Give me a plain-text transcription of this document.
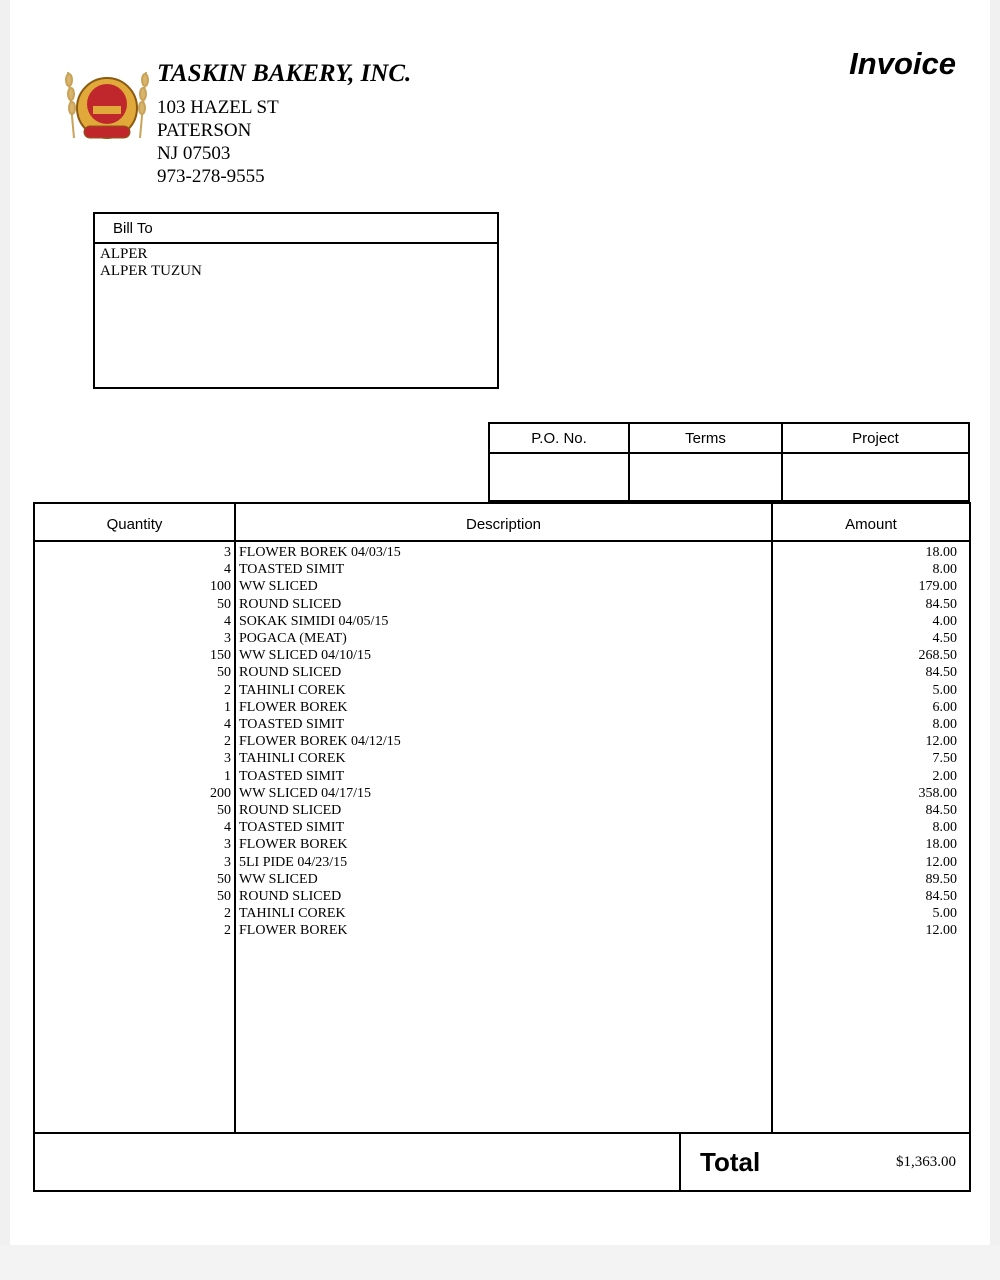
TASKIN BAKERY, INC.
103 HAZEL ST
PATERSON
NJ 07503
973-278-9555
Invoice
Bill To
ALPER
ALPER TUZUN
P.O. No.	Terms	Project
Quantity	Description	Amount
3 FLOWER BOREK 04/03/15	18.00
4 TOASTED SIMIT	8.00
100 WW SLICED	179.00
50 ROUND SLICED	84.50
4 SOKAK SIMIDI 04/05/15	4.00
3 POGACA (MEAT)	4.50
150 WW SLICED 04/10/15	268.50
50 ROUND SLICED	84.50
2 TAHINLI COREK	5.00
1 FLOWER BOREK	6.00
4 TOASTED SIMIT	8.00
2 FLOWER BOREK 04/12/15	12.00
3 TAHINLI COREK	7.50
1 TOASTED SIMIT	2.00
200 WW SLICED 04/17/15	358.00
50 ROUND SLICED	84.50
4 TOASTED SIMIT	8.00
3 FLOWER BOREK	18.00
3 5LI PIDE 04/23/15	12.00
50 WW SLICED	89.50
50 ROUND SLICED	84.50
2 TAHINLI COREK	5.00
2 FLOWER BOREK	12.00
Total	$1,363.00
